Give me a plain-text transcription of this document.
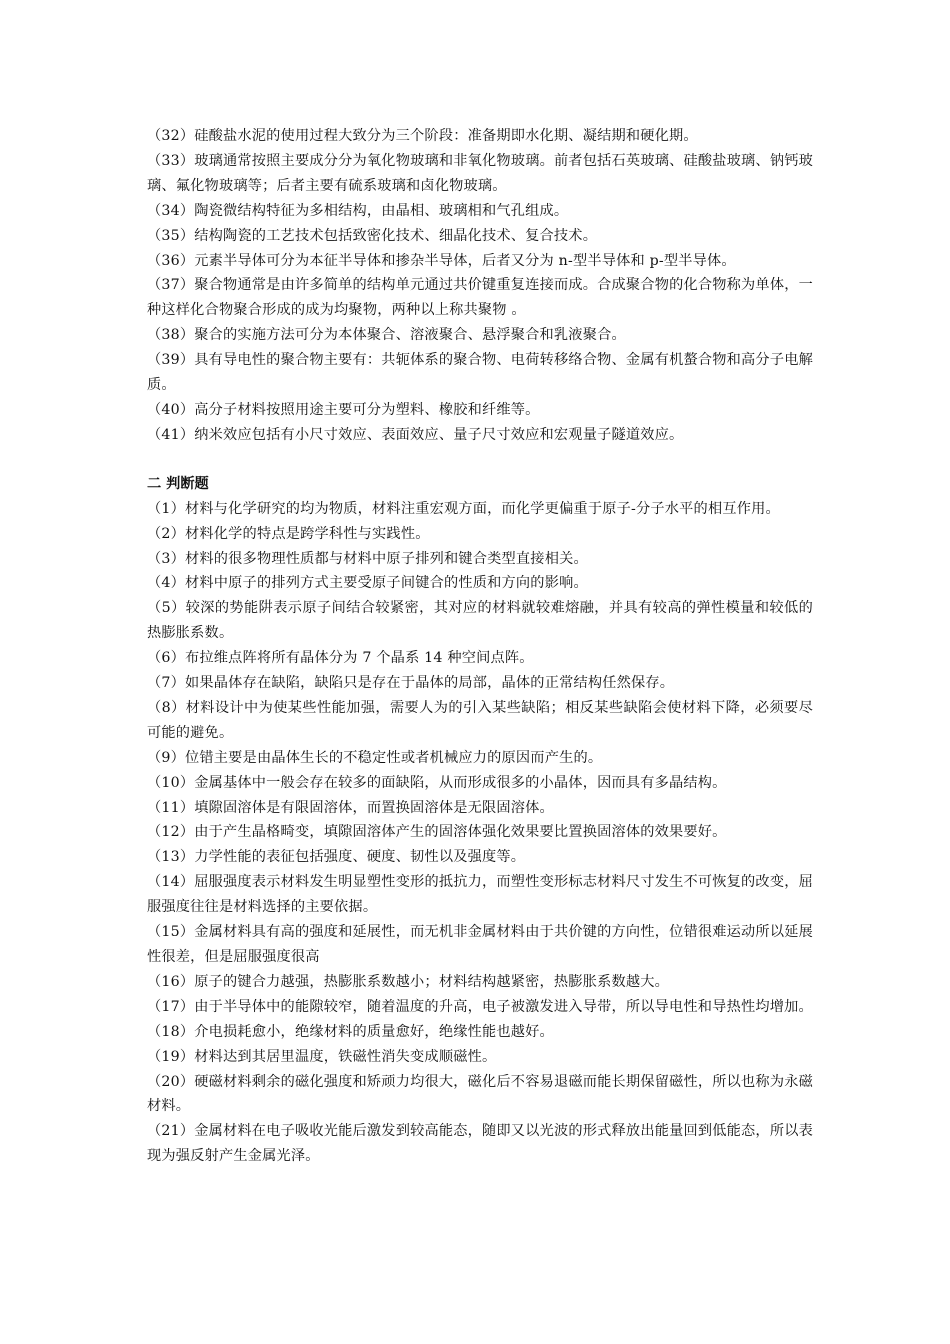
（32）硅酸盐水泥的使用过程大致分为三个阶段：准备期即水化期、凝结期和硬化期。

（33）玻璃通常按照主要成分分为氧化物玻璃和非氧化物玻璃。前者包括石英玻璃、硅酸盐玻璃、钠钙玻璃、氟化物玻璃等；后者主要有硫系玻璃和卤化物玻璃。

（34）陶瓷微结构特征为多相结构，由晶相、玻璃相和气孔组成。

（35）结构陶瓷的工艺技术包括致密化技术、细晶化技术、复合技术。

（36）元素半导体可分为本征半导体和掺杂半导体，后者又分为 n-型半导体和 p-型半导体。

（37）聚合物通常是由许多简单的结构单元通过共价键重复连接而成。合成聚合物的化合物称为单体，一种这样化合物聚合形成的成为均聚物，两种以上称共聚物 。

（38）聚合的实施方法可分为本体聚合、溶液聚合、悬浮聚合和乳液聚合。

（39）具有导电性的聚合物主要有：共轭体系的聚合物、电荷转移络合物、金属有机螯合物和高分子电解质。

（40）高分子材料按照用途主要可分为塑料、橡胶和纤维等。

（41）纳米效应包括有小尺寸效应、表面效应、量子尺寸效应和宏观量子隧道效应。

二 判断题

（1）材料与化学研究的均为物质，材料注重宏观方面，而化学更偏重于原子-分子水平的相互作用。

（2）材料化学的特点是跨学科性与实践性。

（3）材料的很多物理性质都与材料中原子排列和键合类型直接相关。

（4）材料中原子的排列方式主要受原子间键合的性质和方向的影响。

（5）较深的势能阱表示原子间结合较紧密，其对应的材料就较难熔融，并具有较高的弹性模量和较低的热膨胀系数。

（6）布拉维点阵将所有晶体分为 7 个晶系 14 种空间点阵。

（7）如果晶体存在缺陷，缺陷只是存在于晶体的局部，晶体的正常结构任然保存。

（8）材料设计中为使某些性能加强，需要人为的引入某些缺陷；相反某些缺陷会使材料下降，必须要尽可能的避免。

（9）位错主要是由晶体生长的不稳定性或者机械应力的原因而产生的。

（10）金属基体中一般会存在较多的面缺陷，从而形成很多的小晶体，因而具有多晶结构。

（11）填隙固溶体是有限固溶体，而置换固溶体是无限固溶体。

（12）由于产生晶格畸变，填隙固溶体产生的固溶体强化效果要比置换固溶体的效果要好。

（13）力学性能的表征包括强度、硬度、韧性以及强度等。

（14）屈服强度表示材料发生明显塑性变形的抵抗力，而塑性变形标志材料尺寸发生不可恢复的改变，屈服强度往往是材料选择的主要依据。

（15）金属材料具有高的强度和延展性，而无机非金属材料由于共价键的方向性，位错很难运动所以延展性很差，但是屈服强度很高

（16）原子的键合力越强，热膨胀系数越小；材料结构越紧密，热膨胀系数越大。

（17）由于半导体中的能隙较窄，随着温度的升高，电子被激发进入导带，所以导电性和导热性均增加。

（18）介电损耗愈小，绝缘材料的质量愈好，绝缘性能也越好。

（19）材料达到其居里温度，铁磁性消失变成顺磁性。

（20）硬磁材料剩余的磁化强度和矫顽力均很大，磁化后不容易退磁而能长期保留磁性，所以也称为永磁材料。

（21）金属材料在电子吸收光能后激发到较高能态，随即又以光波的形式释放出能量回到低能态，所以表现为强反射产生金属光泽。
